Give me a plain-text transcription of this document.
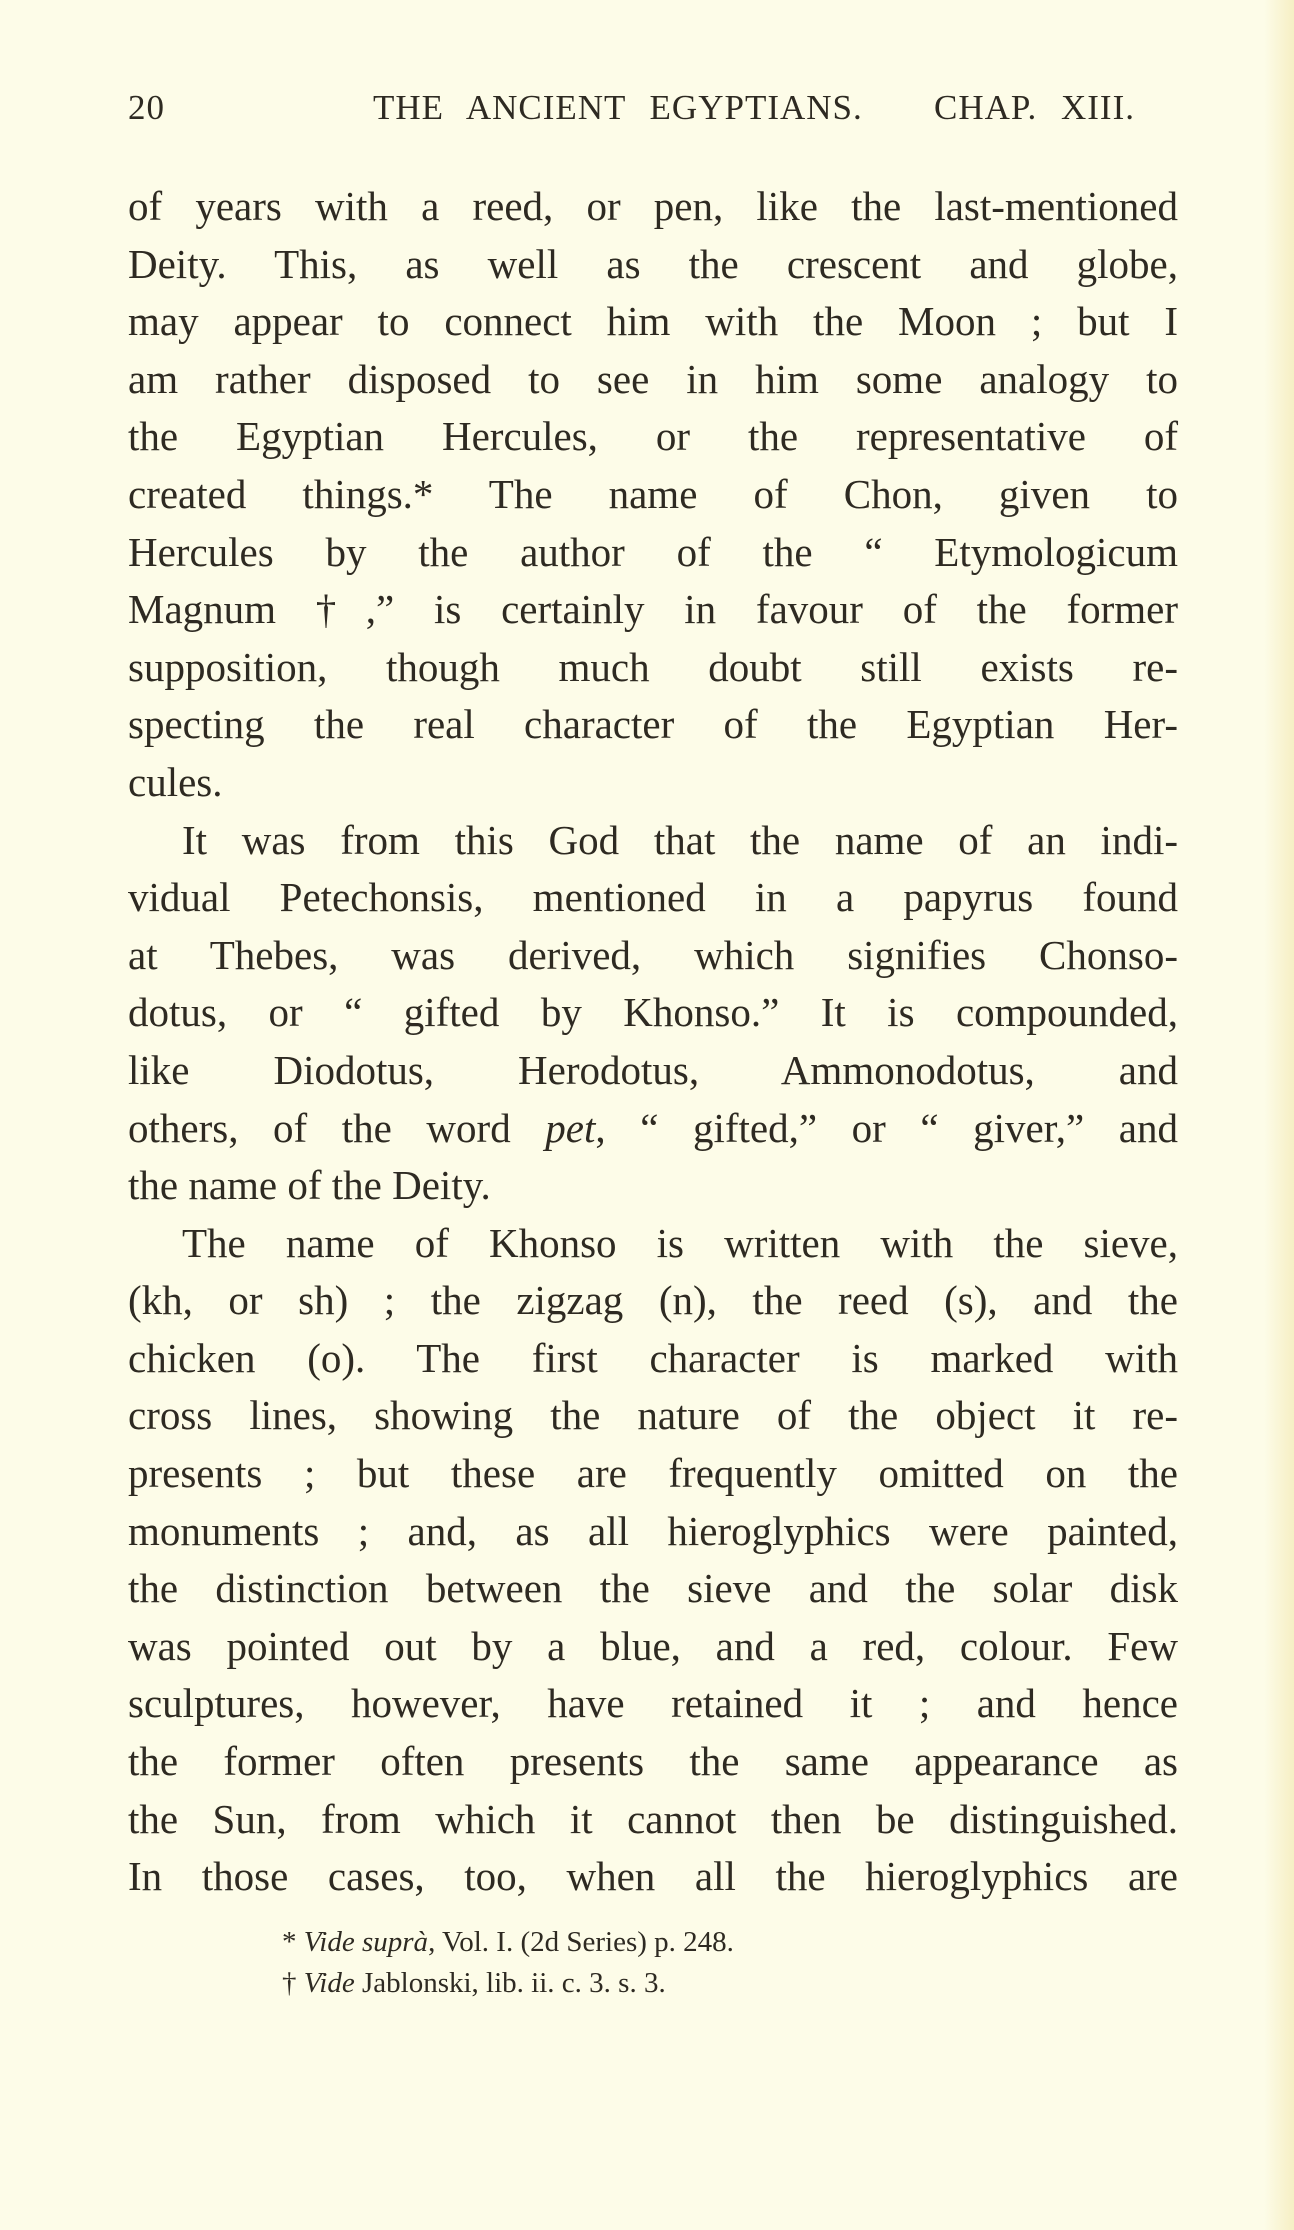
20	THE ANCIENT EGYPTIANS. CHAP. XIII.
of years with a reed, or pen, like the last-mentioned
Deity. This, as well as the crescent and globe,
may appear to connect him with the Moon ; but I
am rather disposed to see in him some analogy to
the Egyptian Hercules, or the representative of
created things.* The name of Chon, given to
Hercules by the author of the “ Etymologicum
Magnum †,” is certainly in favour of the former
supposition, though much doubt still exists re-
specting the real character of the Egyptian Her-
cules.
It was from this God that the name of an indi-
vidual Petechonsis, mentioned in a papyrus found
at Thebes, was derived, which signifies Chonso-
dotus, or “ gifted by Khonso.” It is compounded,
like Diodotus, Herodotus, Ammonodotus, and
others, of the word pet, “ gifted,” or “ giver,” and
the name of the Deity.
The name of Khonso is written with the sieve,
(kh, or sh) ; the zigzag (n), the reed (s), and the
chicken (o). The first character is marked with
cross lines, showing the nature of the object it re-
presents ; but these are frequently omitted on the
monuments ; and, as all hieroglyphics were painted,
the distinction between the sieve and the solar disk
was pointed out by a blue, and a red, colour. Few
sculptures, however, have retained it ; and hence
the former often presents the same appearance as
the Sun, from which it cannot then be distinguished.
In those cases, too, when all the hieroglyphics are
* Vide suprà, Vol. I. (2d Series) p. 248.
† Vide Jablonski, lib. ii. c. 3. s. 3.
